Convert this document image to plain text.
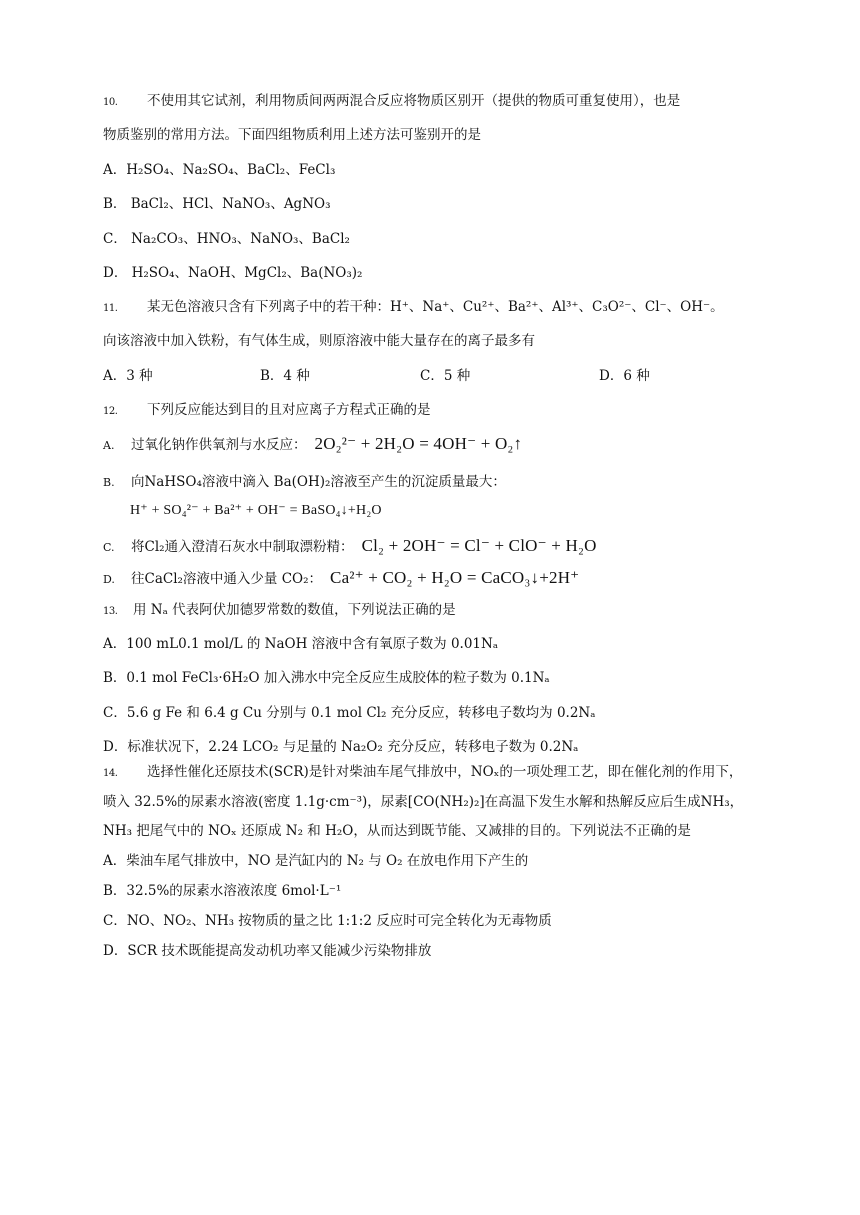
10. 不使用其它试剂，利用物质间两两混合反应将物质区别开（提供的物质可重复使用），也是
物质鉴别的常用方法。下面四组物质利用上述方法可鉴别开的是
A．H₂SO₄、Na₂SO₄、BaCl₂、FeCl₃
B． BaCl₂、HCl、NaNO₃、AgNO₃
C． Na₂CO₃、HNO₃、NaNO₃、BaCl₂
D． H₂SO₄、NaOH、MgCl₂、Ba(NO₃)₂
11. 某无色溶液只含有下列离子中的若干种：H⁺、Na⁺、Cu²⁺、Ba²⁺、Al³⁺、C₃O²⁻、Cl⁻、OH⁻。
向该溶液中加入铁粉，有气体生成，则原溶液中能大量存在的离子最多有
A．3 种	B．4 种	C．5 种	D．6 种
12. 下列反应能达到目的且对应离子方程式正确的是
A. 过氧化钠作供氧剂与水反应： 2O₂²⁻ + 2H₂O = 4OH⁻ + O₂↑
B. 向NaHSO₄溶液中滴入 Ba(OH)₂溶液至产生的沉淀质量最大：
H⁺ + SO₄²⁻ + Ba²⁺ + OH⁻ = BaSO₄↓+H₂O
C. 将Cl₂通入澄清石灰水中制取漂粉精： Cl₂ + 2OH⁻ = Cl⁻ + ClO⁻ + H₂O
D. 往CaCl₂溶液中通入少量 CO₂： Ca²⁺ + CO₂ + H₂O = CaCO₃↓+2H⁺
13. 用 Nₐ 代表阿伏加德罗常数的数值，下列说法正确的是
A．100 mL0.1 mol/L 的 NaOH 溶液中含有氧原子数为 0.01Nₐ
B．0.1 mol FeCl₃·6H₂O 加入沸水中完全反应生成胶体的粒子数为 0.1Nₐ
C．5.6 g Fe 和 6.4 g Cu 分别与 0.1 mol Cl₂ 充分反应，转移电子数均为 0.2Nₐ
D．标准状况下，2.24 LCO₂ 与足量的 Na₂O₂ 充分反应，转移电子数为 0.2Nₐ
14. 选择性催化还原技术(SCR)是针对柴油车尾气排放中，NOₓ的一项处理工艺，即在催化剂的作用下，
喷入 32.5%的尿素水溶液(密度 1.1g·cm⁻³)，尿素[CO(NH₂)₂]在高温下发生水解和热解反应后生成NH₃，
NH₃ 把尾气中的 NOₓ 还原成 N₂ 和 H₂O，从而达到既节能、又减排的目的。下列说法不正确的是
A．柴油车尾气排放中，NO 是汽缸内的 N₂ 与 O₂ 在放电作用下产生的
B．32.5%的尿素水溶液浓度 6mol·L⁻¹
C．NO、NO₂、NH₃ 按物质的量之比 1:1:2 反应时可完全转化为无毒物质
D．SCR 技术既能提高发动机功率又能减少污染物排放
